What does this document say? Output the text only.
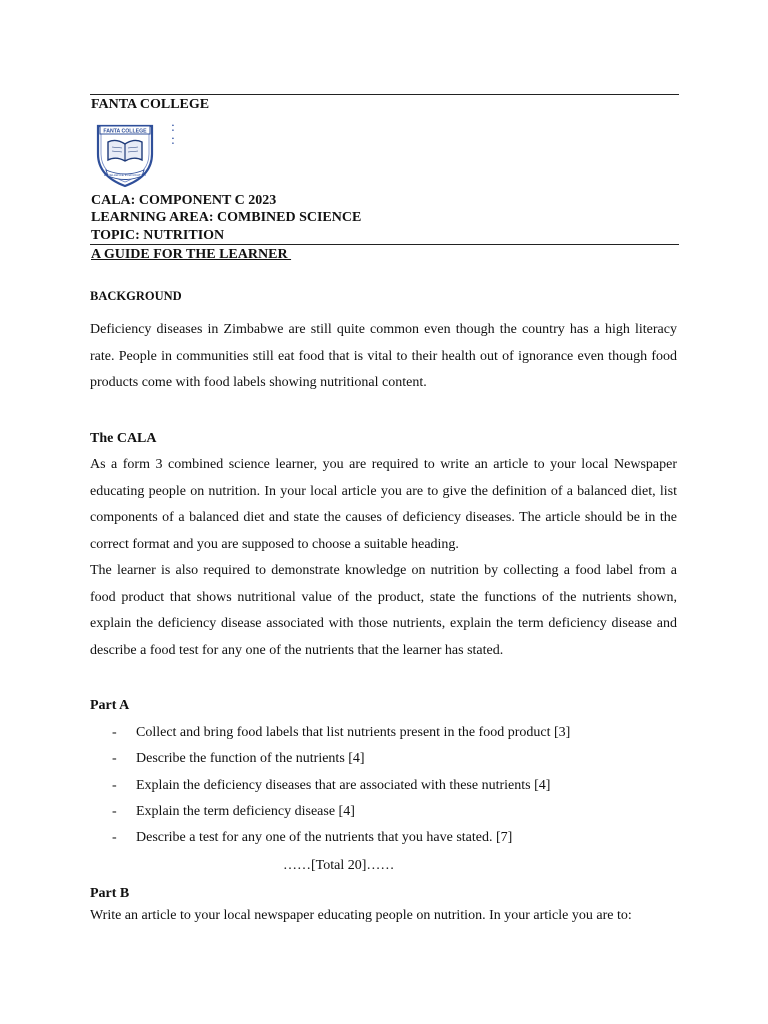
FANTA COLLEGE
FANTA COLLEGE
EXCELLENCE IN EDUCATION
:
:
CALA: COMPONENT C 2023
LEARNING AREA: COMBINED SCIENCE
TOPIC: NUTRITION
A GUIDE FOR THE LEARNER
BACKGROUND
Deficiency diseases in Zimbabwe are still quite common even though the country has a high literacy rate. People in communities still eat food that is vital to their health out of ignorance even though food products come with food labels showing nutritional content.
The CALA
As a form 3 combined science learner, you are required to write an article to your local Newspaper educating people on nutrition. In your local article you are to give the definition of a balanced diet, list components of a balanced diet and state the causes of deficiency diseases. The article should be in the correct format and you are supposed to choose a suitable heading.
The learner is also required to demonstrate knowledge on nutrition by collecting a food label from a food product that shows nutritional value of the product, state the functions of the nutrients shown, explain the deficiency disease associated with those nutrients, explain the term deficiency disease and describe a food test for any one of the nutrients that the learner has stated.
Part A
- Collect and bring food labels that list nutrients present in the food product [3]
- Describe the function of the nutrients [4]
- Explain the deficiency diseases that are associated with these nutrients [4]
- Explain the term deficiency disease [4]
- Describe a test for any one of the nutrients that you have stated. [7]
……[Total 20]……
Part B
Write an article to your local newspaper educating people on nutrition. In your article you are to:
